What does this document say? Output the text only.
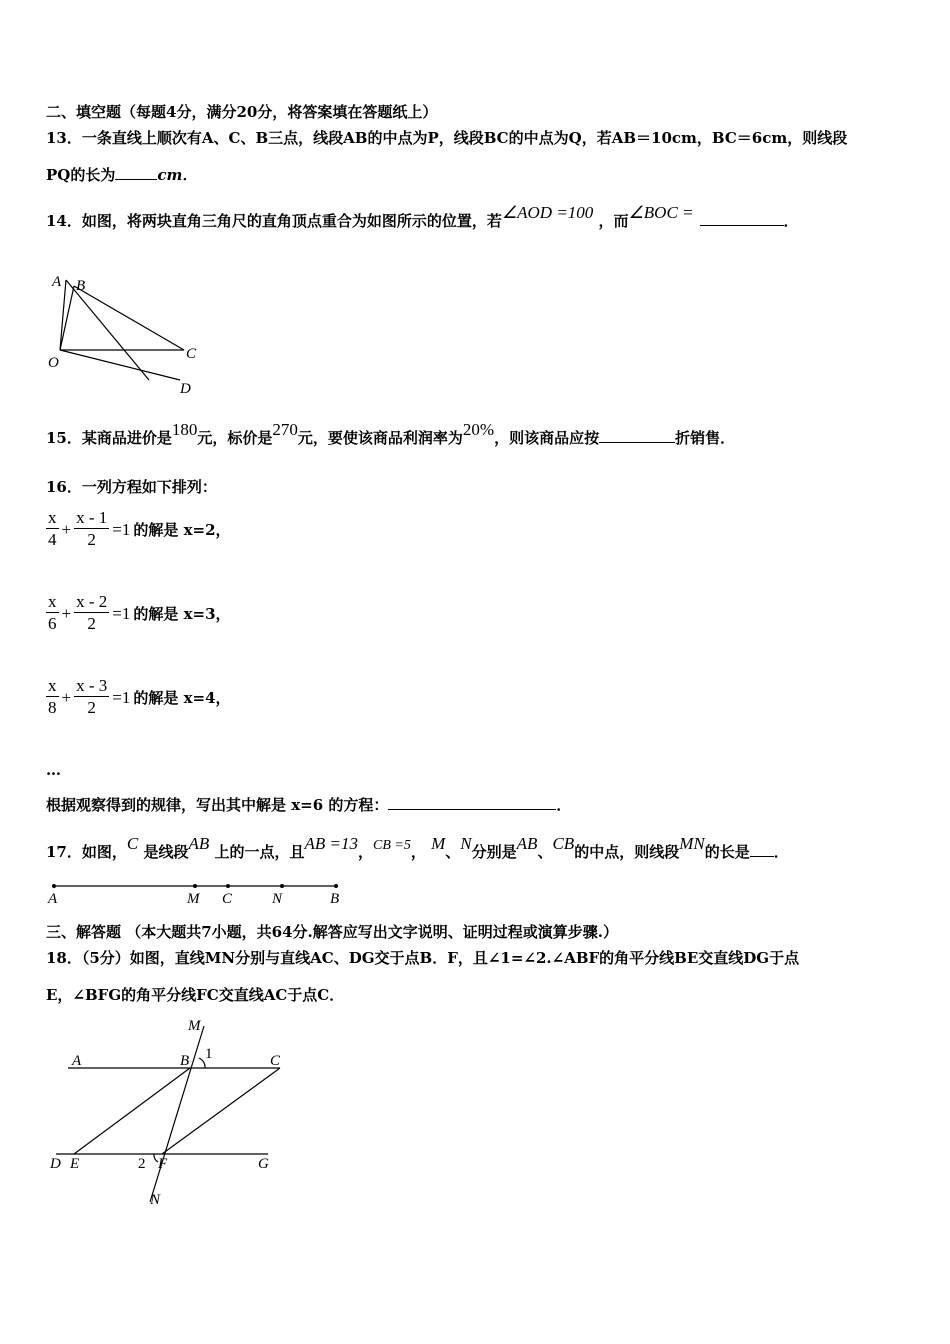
二、填空题（每题4分，满分20分，将答案填在答题纸上）
13．一条直线上顺次有A、C、B三点，线段AB的中点为P，线段BC的中点为Q，若AB＝10cm，BC＝6cm，则线段
PQ的长为	cm．
14．如图，将两块直角三角尺的直角顶点重合为如图所示的位置，若∠AOD =100 ，而∠BOC =	．
A B
C
D
O
15．某商品进价是180元，标价是270元，要使该商品利润率为20%，则该商品应按	折销售．
16．一列方程如下排列：
$\frac{x}{4} + \frac{x - 1}{2} =1$ 的解是 x=2，
$\frac{x}{6} + \frac{x - 2}{2} =1$ 的解是 x=3，
$\frac{x}{8} + \frac{x - 3}{2} =1$ 的解是 x=4，
…
根据观察得到的规律，写出其中解是 x=6 的方程：	．
17．如图，C 是线段AB 上的一点，且AB =13，CB =5， M、N分别是AB、CB的中点，则线段MN的长是 ．
A	M C	N	B
三、解答题 （本大题共7小题，共64分.解答应写出文字说明、证明过程或演算步骤.）
18．（5分）如图，直线MN分别与直线AC、DG交于点B．F，且∠1=∠2.∠ABF的角平分线BE交直线DG于点
E，∠BFG的角平分线FC交直线AC于点C．
M
A	B 1	C
D E	2 F	G
N
